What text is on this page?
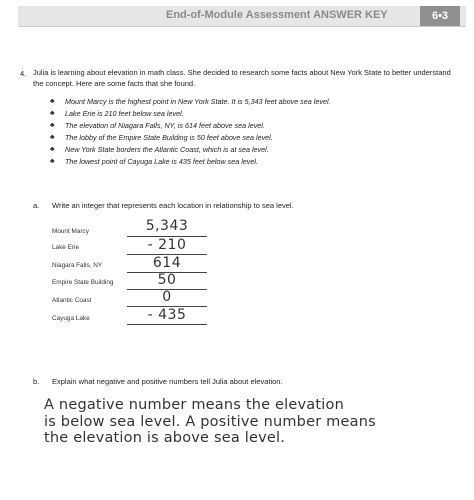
End-of-Module Assessment ANSWER KEY	6•3
4. Julia is learning about elevation in math class. She decided to research some facts about New York State to better understand the concept. Here are some facts that she found.
♣ Mount Marcy is the highest point in New York State. It is 5,343 feet above sea level.
♣ Lake Erie is 210 feet below sea level.
♣ The elevation of Niagara Falls, NY, is 614 feet above sea level.
♣ The lobby of the Empire State Building is 50 feet above sea level.
♣ New York State borders the Atlantic Coast, which is at sea level.
♣ The lowest point of Cayuga Lake is 435 feet below sea level.
a. Write an integer that represents each location in relationship to sea level.
Mount Marcy	5,343
Lake Erie	- 210
Niagara Falls, NY	614
Empire State Building	50
Atlantic Coast	0
Cayuga Lake	- 435
b. Explain what negative and positive numbers tell Julia about elevation.
A negative number means the elevation
is below sea level. A positive number means
the elevation is above sea level.
